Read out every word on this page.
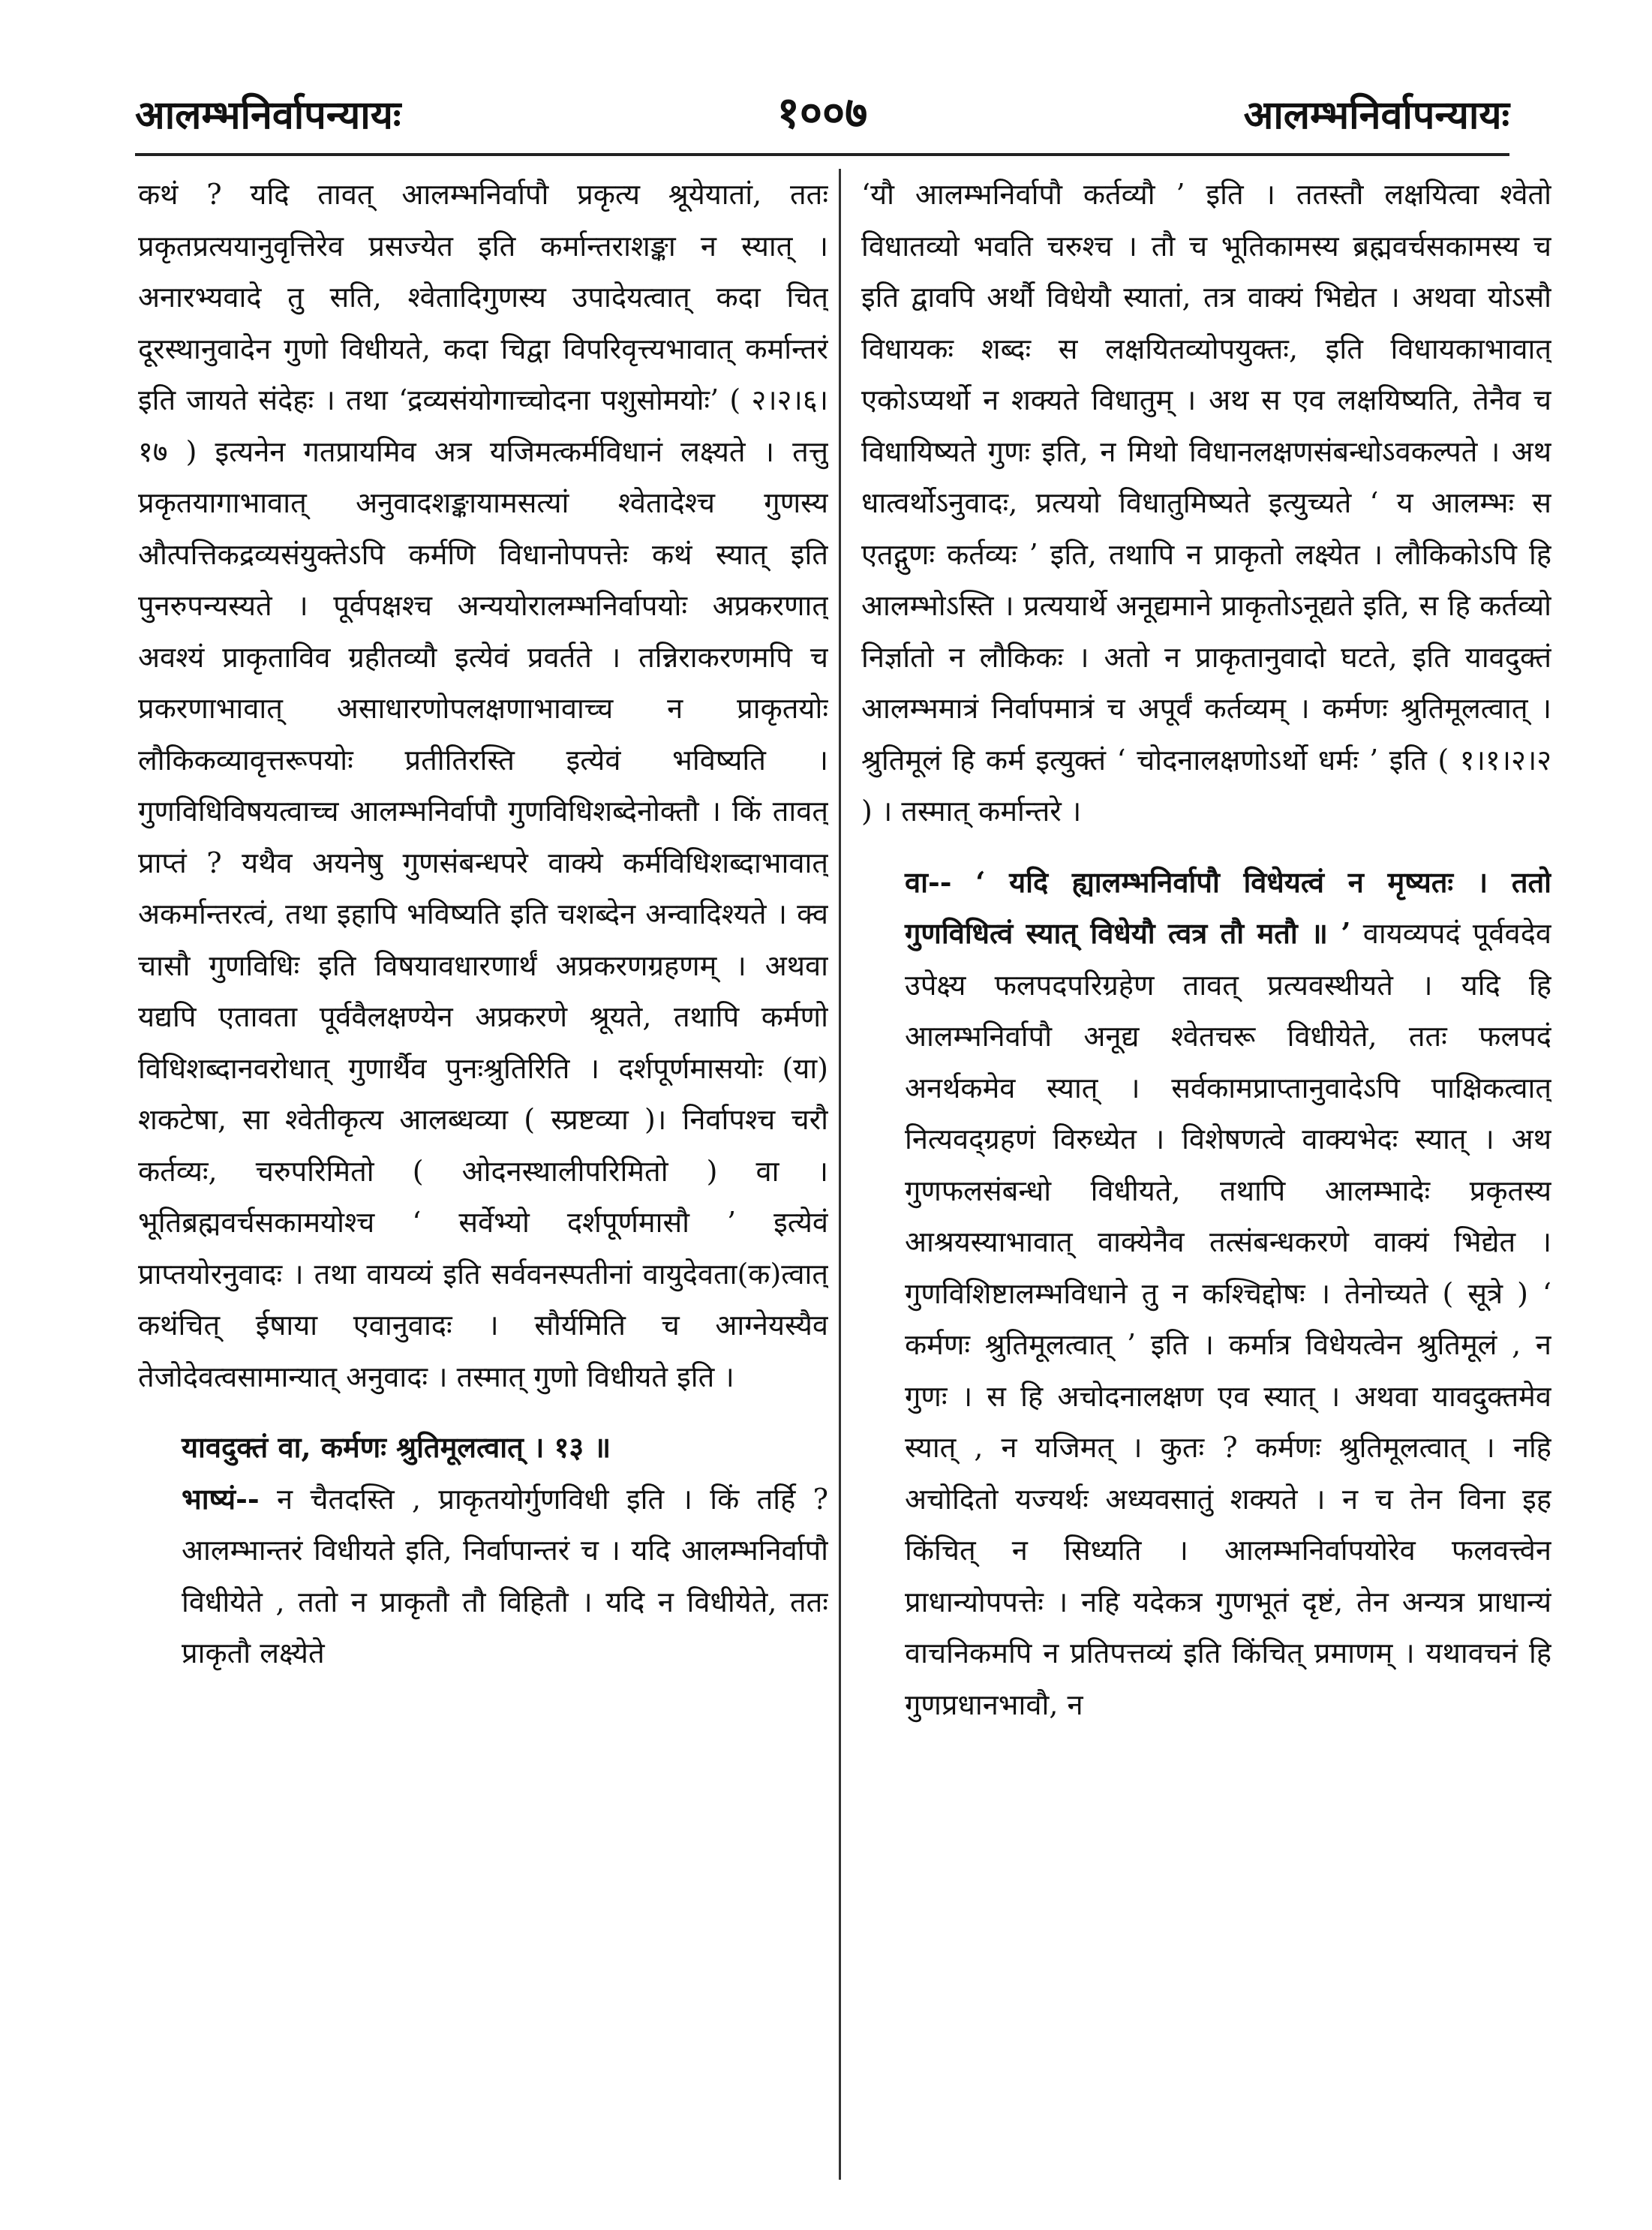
आलम्भनिर्वापन्यायः	१००७	आलम्भनिर्वापन्यायः

कथं ? यदि तावत् आलम्भनिर्वापौ प्रकृत्य श्रूयेयातां, ततः प्रकृतप्रत्ययानुवृत्तिरेव प्रसज्येत इति कर्मान्तराशङ्का न स्यात् । अनारभ्यवादे तु सति, श्वेतादिगुणस्य उपादेयत्वात् कदा चित् दूरस्थानुवादेन गुणो विधीयते, कदा चिद्वा विपरिवृत्त्यभावात् कर्मान्तरं इति जायते संदेहः । तथा ‘द्रव्यसंयोगाच्चोदना पशुसोमयोः’ ( २।२।६।१७ ) इत्यनेन गतप्रायमिव अत्र यजिमत्कर्मविधानं लक्ष्यते । तत्तु प्रकृतयागाभावात् अनुवादशङ्कायामसत्यां श्वेतादेश्च गुणस्य औत्पत्तिकद्रव्यसंयुक्तेऽपि कर्मणि विधानोपपत्तेः कथं स्यात् इति पुनरुपन्यस्यते । पूर्वपक्षश्च अन्ययोरालम्भनिर्वापयोः अप्रकरणात् अवश्यं प्राकृताविव ग्रहीतव्यौ इत्येवं प्रवर्तते । तन्निराकरणमपि च प्रकरणाभावात् असाधारणोपलक्षणाभावाच्च न प्राकृतयोः लौकिकव्यावृत्तरूपयोः प्रतीतिरस्ति इत्येवं भविष्यति । गुणविधिविषयत्वाच्च आलम्भनिर्वापौ गुणविधिशब्देनोक्तौ । किं तावत् प्राप्तं ? यथैव अयनेषु गुणसंबन्धपरे वाक्ये कर्मविधिशब्दाभावात् अकर्मान्तरत्वं, तथा इहापि भविष्यति इति चशब्देन अन्वादिश्यते । क्व चासौ गुणविधिः इति विषयावधारणार्थं अप्रकरणग्रहणम् । अथवा यद्यपि एतावता पूर्ववैलक्षण्येन अप्रकरणे श्रूयते, तथापि कर्मणो विधिशब्दानवरोधात् गुणार्थैव पुनःश्रुतिरिति । दर्शपूर्णमासयोः (या) शकटेषा, सा श्वेतीकृत्य आलब्धव्या ( स्प्रष्टव्या )। निर्वापश्च चरौ कर्तव्यः, चरुपरिमितो ( ओदनस्थालीपरिमितो ) वा । भूतिब्रह्मवर्चसकामयोश्च ‘ सर्वेभ्यो दर्शपूर्णमासौ ’ इत्येवं प्राप्तयोरनुवादः । तथा वायव्यं इति सर्ववनस्पतीनां वायुदेवता(क)त्वात् कथंचित् ईषाया एवानुवादः । सौर्यमिति च आग्नेयस्यैव तेजोदेवत्वसामान्यात् अनुवादः । तस्मात् गुणो विधीयते इति ।

यावदुक्तं वा, कर्मणः श्रुतिमूलत्वात् । १३ ॥

भाष्यं-- न चैतदस्ति , प्राकृतयोर्गुणविधी इति । किं तर्हि ? आलम्भान्तरं विधीयते इति, निर्वापान्तरं च । यदि आलम्भनिर्वापौ विधीयेते , ततो न प्राकृतौ तौ विहितौ । यदि न विधीयेते, ततः प्राकृतौ लक्ष्येते

‘यौ आलम्भनिर्वापौ कर्तव्यौ ’ इति । ततस्तौ लक्षयित्वा श्वेतो विधातव्यो भवति चरुश्च । तौ च भूतिकामस्य ब्रह्मवर्चसकामस्य च इति द्वावपि अर्थौ विधेयौ स्यातां, तत्र वाक्यं भिद्येत । अथवा योऽसौ विधायकः शब्दः स लक्षयितव्योपयुक्तः, इति विधायकाभावात् एकोऽप्यर्थो न शक्यते विधातुम् । अथ स एव लक्षयिष्यति, तेनैव च विधायिष्यते गुणः इति, न मिथो विधानलक्षणसंबन्धोऽवकल्पते । अथ धात्वर्थोऽनुवादः, प्रत्ययो विधातुमिष्यते इत्युच्यते ‘ य आलम्भः स एतद्गुणः कर्तव्यः ’ इति, तथापि न प्राकृतो लक्ष्येत । लौकिकोऽपि हि आलम्भोऽस्ति । प्रत्ययार्थे अनूद्यमाने प्राकृतोऽनूद्यते इति, स हि कर्तव्यो निर्ज्ञातो न लौकिकः । अतो न प्राकृतानुवादो घटते, इति यावदुक्तं आलम्भमात्रं निर्वापमात्रं च अपूर्वं कर्तव्यम् । कर्मणः श्रुतिमूलत्वात् । श्रुतिमूलं हि कर्म इत्युक्तं ‘ चोदनालक्षणोऽर्थो धर्मः ’ इति ( १।१।२।२ ) । तस्मात् कर्मान्तरे ।

वा-- ‘ यदि ह्यालम्भनिर्वापौ विधेयत्वं न मृष्यतः । ततो गुणविधित्वं स्यात् विधेयौ त्वत्र तौ मतौ ॥ ’ वायव्यपदं पूर्ववदेव उपेक्ष्य फलपदपरिग्रहेण तावत् प्रत्यवस्थीयते । यदि हि आलम्भनिर्वापौ अनूद्य श्वेतचरू विधीयेते, ततः फलपदं अनर्थकमेव स्यात् । सर्वकामप्राप्तानुवादेऽपि पाक्षिकत्वात् नित्यवद्ग्रहणं विरुध्येत । विशेषणत्वे वाक्यभेदः स्यात् । अथ गुणफलसंबन्धो विधीयते, तथापि आलम्भादेः प्रकृतस्य आश्रयस्याभावात् वाक्येनैव तत्संबन्धकरणे वाक्यं भिद्येत । गुणविशिष्टालम्भविधाने तु न कश्चिद्दोषः । तेनोच्यते ( सूत्रे ) ‘ कर्मणः श्रुतिमूलत्वात् ’ इति । कर्मात्र विधेयत्वेन श्रुतिमूलं , न गुणः । स हि अचोदनालक्षण एव स्यात् । अथवा यावदुक्तमेव स्यात् , न यजिमत् । कुतः ? कर्मणः श्रुतिमूलत्वात् । नहि अचोदितो यज्यर्थः अध्यवसातुं शक्यते । न च तेन विना इह किंचित् न सिध्यति । आलम्भनिर्वापयोरेव फलवत्त्वेन प्राधान्योपपत्तेः । नहि यदेकत्र गुणभूतं दृष्टं, तेन अन्यत्र प्राधान्यं वाचनिकमपि न प्रतिपत्तव्यं इति किंचित् प्रमाणम् । यथावचनं हि गुणप्रधानभावौ, न
